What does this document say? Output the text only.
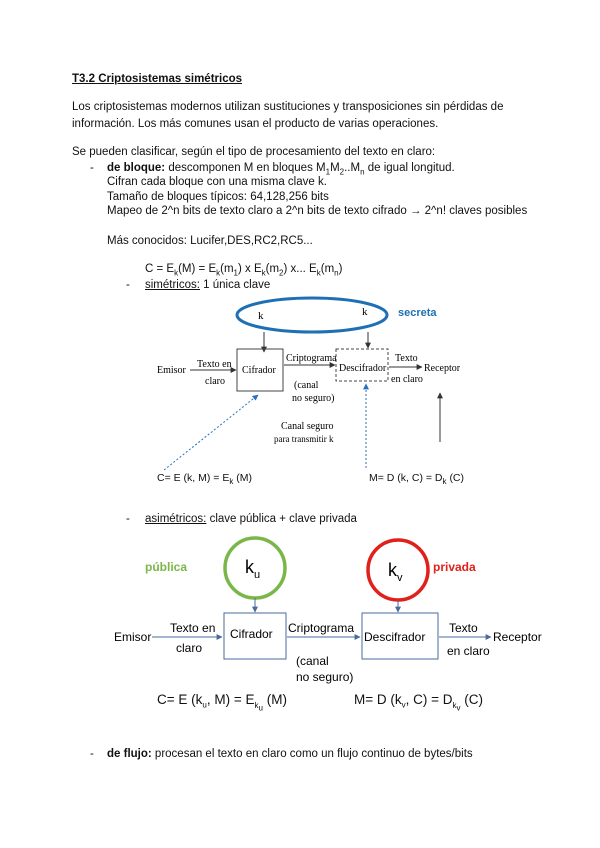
T3.2 Criptosistemas simétricos
Los criptosistemas modernos utilizan sustituciones y transposiciones sin pérdidas de
información. Los más comunes usan el producto de varias operaciones.
Se pueden clasificar, según el tipo de procesamiento del texto en claro:
- de bloque: descomponen M en bloques $M_1M_2..M_n$ de igual longitud.
Cifran cada bloque con una misma clave k.
Tamaño de bloques típicos: 64,128,256 bits
Mapeo de 2^n bits de texto claro a 2^n bits de texto cifrado → 2^n! claves posibles
Más conocidos: Lucifer,DES,RC2,RC5...
$C = E_k(M) = E_k(m_1)$ x $E_k(m_2)$ x... $E_k(m_n)$
- simétricos: 1 única clave
k	k	secreta
Emisor
Texto en
claro
Cifrador
Criptograma
Descifrador
Texto
en claro
Receptor
(canal
no seguro)
Canal seguro
para transmitir k
C= E (k, $M) = E_k$ (M)	M= D (k, $C) = D_k$ (C)
- asimétricos: clave pública + clave privada
pública	$k_u$	$k_v$
privada
Emisor
Texto en
claro
Cifrador Criptograma
Descifrador
Texto
en claro
Receptor
(canal
no seguro)
C= E ($k_u$, $M) = E_{k_u}$ (M)	M= D ($k_v$, $C) = D_{k_v}$ (C)
- de flujo: procesan el texto en claro como un flujo continuo de bytes/bits
